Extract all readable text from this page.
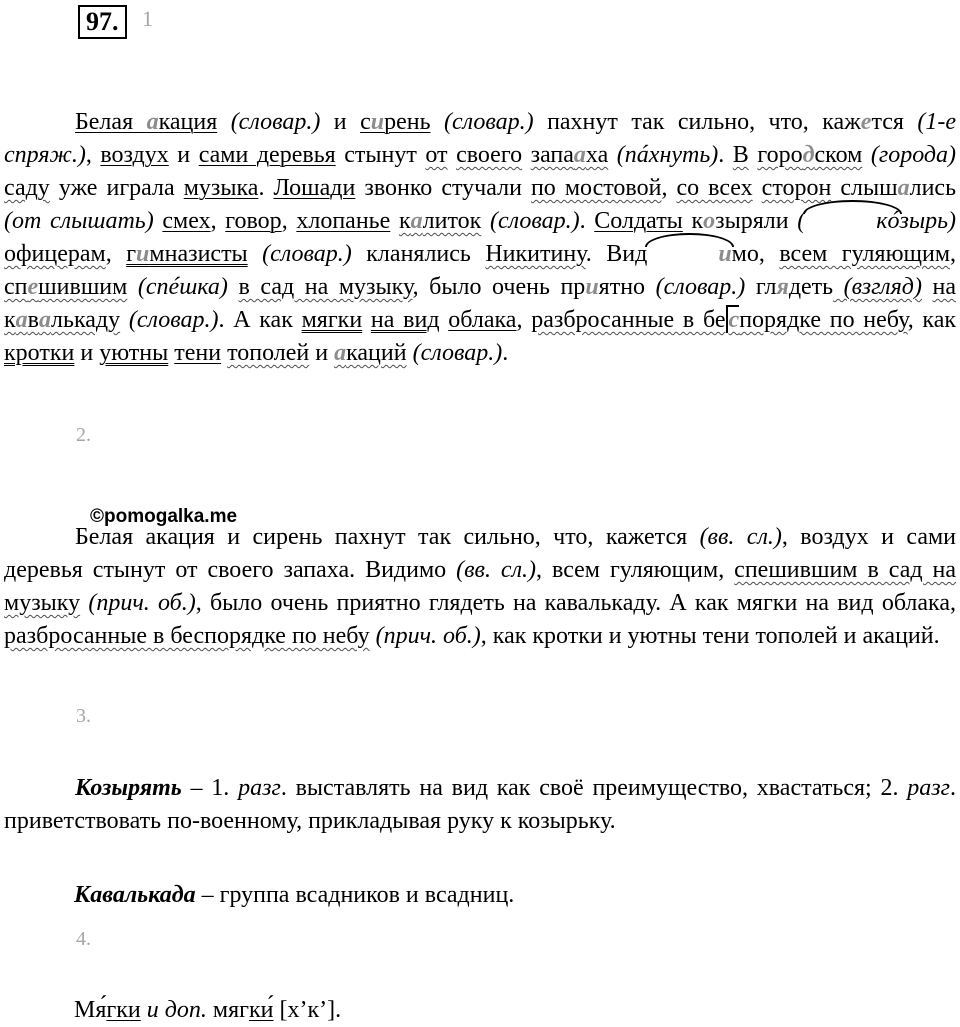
97.	1
Белая акация (словар.) и сирень (словар.) пахнут так сильно, что, кажется (1-е спряж.), воздух и сами деревья стынут от своего запааха (пáхнуть). В городском (города) саду уже играла музыка. Лошади звонко стучали по мостовой, со всех сторон слышались (от слышать) смех, говор, хлопанье калиток (словар.). Солдаты козыряли (	кóзырь) офицерам, гимназисты (словар.) кланялись Никитину. Вид	имо, всем гуляющим, спешившим (спéшка) в сад на музыку, было очень приятно (словар.) глядеть (взгляд) на кавалькаду (словар.). А как мягки на вид облака, разбросанные в бе спорядке по небу, как кротки и уютны тени тополей и акаций (словар.).
2.
©pomogalka.me
Белая акация и сирень пахнут так сильно, что, кажется (вв. сл.), воздух и сами деревья стынут от своего запаха. Видимо (вв. сл.), всем гуляющим, спешившим в сад на музыку (прич. об.), было очень приятно глядеть на кавалькаду. А как мягки на вид облака, разбросанные в беспорядке по небу (прич. об.), как кротки и уютны тени тополей и акаций.
3.
Козырять – 1. разг. выставлять на вид как своё преимущество, хвастаться; 2. разг. приветствовать по-военному, прикладывая руку к козырьку.
Кавалькада – группа всадников и всадниц.
4.
Мя́гки и доп. мягки́ [х’к’].
